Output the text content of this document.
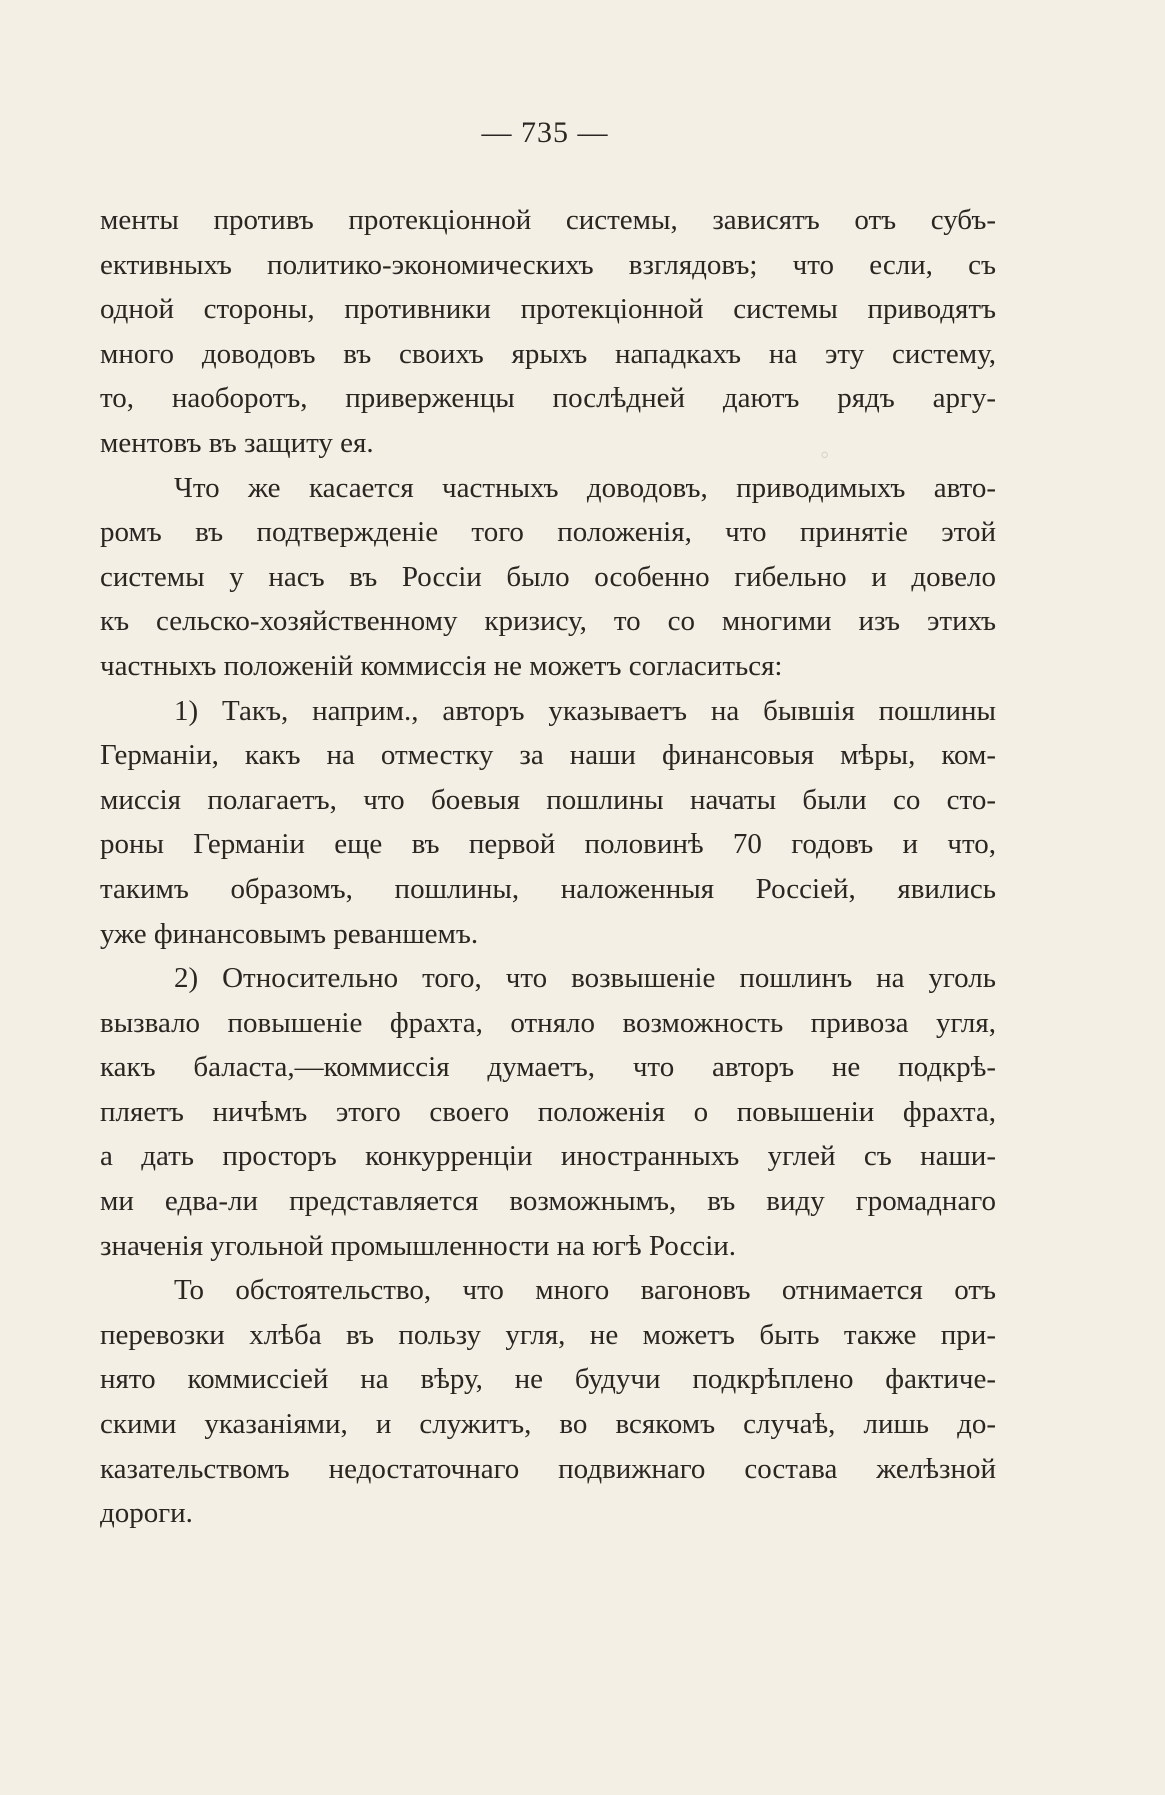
— 735 —
◦
менты противъ протекціонной системы, зависятъ отъ субъ-
ективныхъ политико-экономическихъ взглядовъ; что если, съ
одной стороны, противники протекціонной системы приводятъ
много доводовъ въ своихъ ярыхъ нападкахъ на эту систему,
то, наоборотъ, приверженцы послѣдней даютъ рядъ аргу-
ментовъ въ защиту ея.
Что же касается частныхъ доводовъ, приводимыхъ авто-
ромъ въ подтвержденіе того положенія, что принятіе этой
системы у насъ въ Россіи было особенно гибельно и довело
къ сельско-хозяйственному кризису, то со многими изъ этихъ
частныхъ положеній коммиссія не можетъ согласиться:
1) Такъ, наприм., авторъ указываетъ на бывшія пошлины
Германіи, какъ на отместку за наши финансовыя мѣры, ком-
миссія полагаетъ, что боевыя пошлины начаты были со сто-
роны Германіи еще въ первой половинѣ 70 годовъ и что,
такимъ образомъ, пошлины, наложенныя Россіей, явились
уже финансовымъ реваншемъ.
2) Относительно того, что возвышеніе пошлинъ на уголь
вызвало повышеніе фрахта, отняло возможность привоза угля,
какъ баласта,—коммиссія думаетъ, что авторъ не подкрѣ-
пляетъ ничѣмъ этого своего положенія о повышеніи фрахта,
а дать просторъ конкурренціи иностранныхъ углей съ наши-
ми едва-ли представляется возможнымъ, въ виду громаднаго
значенія угольной промышленности на югѣ Россіи.
То обстоятельство, что много вагоновъ отнимается отъ
перевозки хлѣба въ пользу угля, не можетъ быть также при-
нято коммиссіей на вѣру, не будучи подкрѣплено фактиче-
скими указаніями, и служитъ, во всякомъ случаѣ, лишь до-
казательствомъ недостаточнаго подвижнаго состава желѣзной
дороги.
